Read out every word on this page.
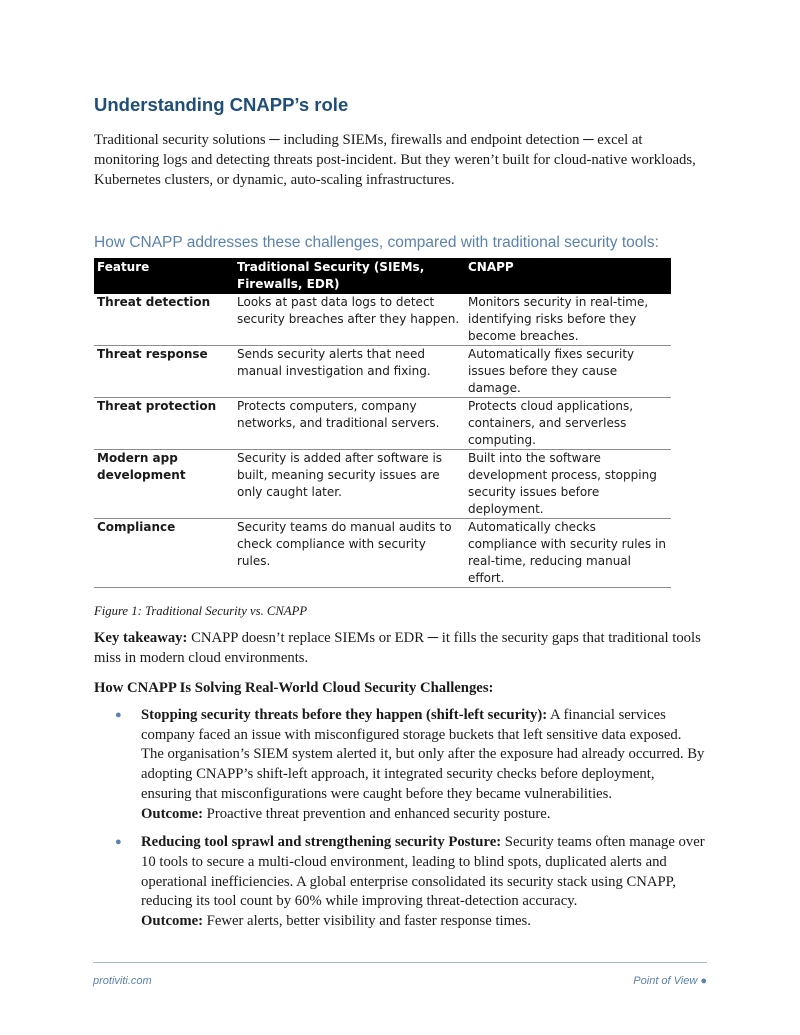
Understanding CNAPP’s role

Traditional security solutions ─ including SIEMs, firewalls and endpoint detection ─ excel at monitoring logs and detecting threats post-incident. But they weren’t built for cloud-native workloads, Kubernetes clusters, or dynamic, auto-scaling infrastructures.

How CNAPP addresses these challenges, compared with traditional security tools:
Feature	Traditional Security (SIEMs, Firewalls, EDR)	CNAPP
Threat detection	Looks at past data logs to detect security breaches after they happen.	Monitors security in real-time, identifying risks before they become breaches.
Threat response	Sends security alerts that need manual investigation and fixing.	Automatically fixes security issues before they cause damage.
Threat protection	Protects computers, company networks, and traditional servers.	Protects cloud applications, containers, and serverless computing.
Modern app development	Security is added after software is built, meaning security issues are only caught later.	Built into the software development process, stopping security issues before deployment.
Compliance	Security teams do manual audits to check compliance with security rules.	Automatically checks compliance with security rules in real-time, reducing manual effort.
Figure 1: Traditional Security vs. CNAPP

Key takeaway: CNAPP doesn’t replace SIEMs or EDR ─ it fills the security gaps that traditional tools miss in modern cloud environments.

How CNAPP Is Solving Real-World Cloud Security Challenges:
● Stopping security threats before they happen (shift-left security): A financial services company faced an issue with misconfigured storage buckets that left sensitive data exposed. The organisation’s SIEM system alerted it, but only after the exposure had already occurred. By adopting CNAPP’s shift-left approach, it integrated security checks before deployment, ensuring that misconfigurations were caught before they became vulnerabilities.
Outcome: Proactive threat prevention and enhanced security posture.
● Reducing tool sprawl and strengthening security Posture: Security teams often manage over 10 tools to secure a multi-cloud environment, leading to blind spots, duplicated alerts and operational inefficiencies. A global enterprise consolidated its security stack using CNAPP, reducing its tool count by 60% while improving threat-detection accuracy.
Outcome: Fewer alerts, better visibility and faster response times.
protiviti.com	Point of View ●
